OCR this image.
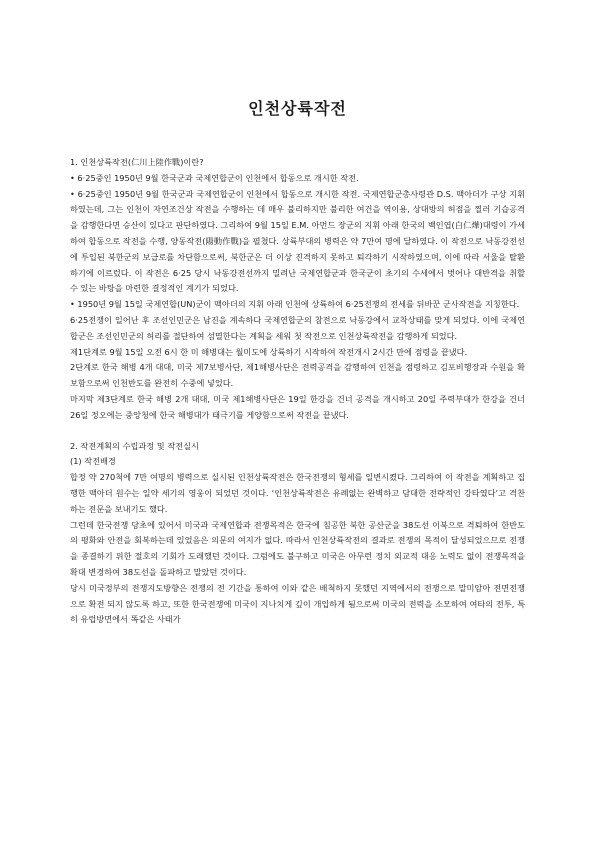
인천상륙작전

1. 인천상륙작전(仁川上陸作戰)이란?

• 6·25중인 1950년 9월 한국군과 국제연합군이 인천에서 합동으로 개시한 작전.

• 6·25중인 1950년 9월 한국군과 국제연합군이 인천에서 합동으로 개시한 작전. 국제연합군총사령관 D.S. 맥아더가 구상 지휘하였는데, 그는 인천이 자연조건상 작전을 수행하는 데 매우 불리하지만 불리한 여건을 역이용, 상대방의 허점을 찔러 기습공격을 감행한다면 승산이 있다고 판단하였다. 그리하여 9월 15일 E.M. 아먼드 장군의 지휘 아래 한국의 백인엽(白仁燁)대령이 가세하여 합동으로 작전을 수행, 양동작전(陽動作戰)을 펼쳤다. 상륙부대의 병력은 약 7만여 명에 달하였다. 이 작전으로 낙동강전선에 투입된 북한군의 보급로를 차단함으로써, 북한군은 더 이상 진격하지 못하고 퇴각하기 시작하였으며, 이에 따라 서울을 탈환하기에 이르렀다. 이 작전은 6·25 당시 낙동강전선까지 밀려난 국제연합군과 한국군이 초기의 수세에서 벗어나 대반격을 취할 수 있는 바탕을 마련한 결정적인 계기가 되었다.

• 1950년 9월 15일 국제연합(UN)군이 맥아더의 지휘 아래 인천에 상륙하여 6·25전쟁의 전세를 뒤바꾼 군사작전을 지칭한다.

6·25전쟁이 일어난 후 조선인민군은 남진을 계속하다 국제연합군의 참전으로 낙동강에서 교착상태를 맞게 되었다. 이에 국제연합군은 조선인민군의 허리를 절단하여 섬멸한다는 계획을 세워 첫 작전으로 인천상륙작전을 감행하게 되었다.

제1단계로 9월 15일 오전 6시 한 미 해병대는 월미도에 상륙하기 시작하여 작전개시 2시간 만에 점령을 끝냈다.

2단계로 한국 해병 4개 대대, 미국 제7보병사단, 제1해병사단은 전력공격을 감행하여 인천을 점령하고 김포비행장과 수원을 확보함으로써 인천반도를 완전히 수중에 넣었다.

마지막 제3단계로 한국 해병 2개 대대, 미국 제1해병사단은 19일 한강을 건너 공격을 개시하고 20일 주력부대가 한강을 건너 26일 정오에는 중앙청에 한국 해병대가 태극기를 게양함으로써 작전을 끝냈다.

2. 작전계획의 수립과정 및 작전실시

(1) 작전배경

합정 약 270척에 7만 여명의 병력으로 실시된 인천상륙작전은 한국전쟁의 형세를 일변시켰다. 그리하여 이 작전을 계획하고 집행한 맥아더 원수는 일약 세기의 영웅이 되었던 것이다. ‘인천상륙작전은 유례없는 완벽하고 담대한 전략적인 강타였다’고 격찬하는 전문을 보내기도 했다.

그런데 한국전쟁 당초에 있어서 미국과 국제연합과 전쟁목적은 한국에 침공한 북한 공산군을 38도선 이북으로 격퇴하여 한반도의 평화와 안전을 회복하는데 있었음은 의문의 여지가 없다. 따라서 인천상륙작전의 결과로 전쟁의 목적이 달성되었으므로 전쟁을 종결하기 위한 절호의 기회가 도래했던 것이다. 그럼에도 불구하고 미국은 아무런 정치 외교적 대응 노력도 없이 전쟁목적을 확대 변경하여 38도선을 돌파하고 말았던 것이다.

당시 미국정부의 전쟁지도방향은 전쟁의 전 기간을 통하여 이와 같은 배척하지 못했던 지역에서의 전쟁으로 말미암아 전면전쟁으로 확전 되지 않도록 하고, 또한 한국전쟁에 미국이 지나치게 깊이 개입하게 됨으로써 미국의 전력을 소모하여 여타의 전투, 특히 유럽방면에서 똑같은 사태가
